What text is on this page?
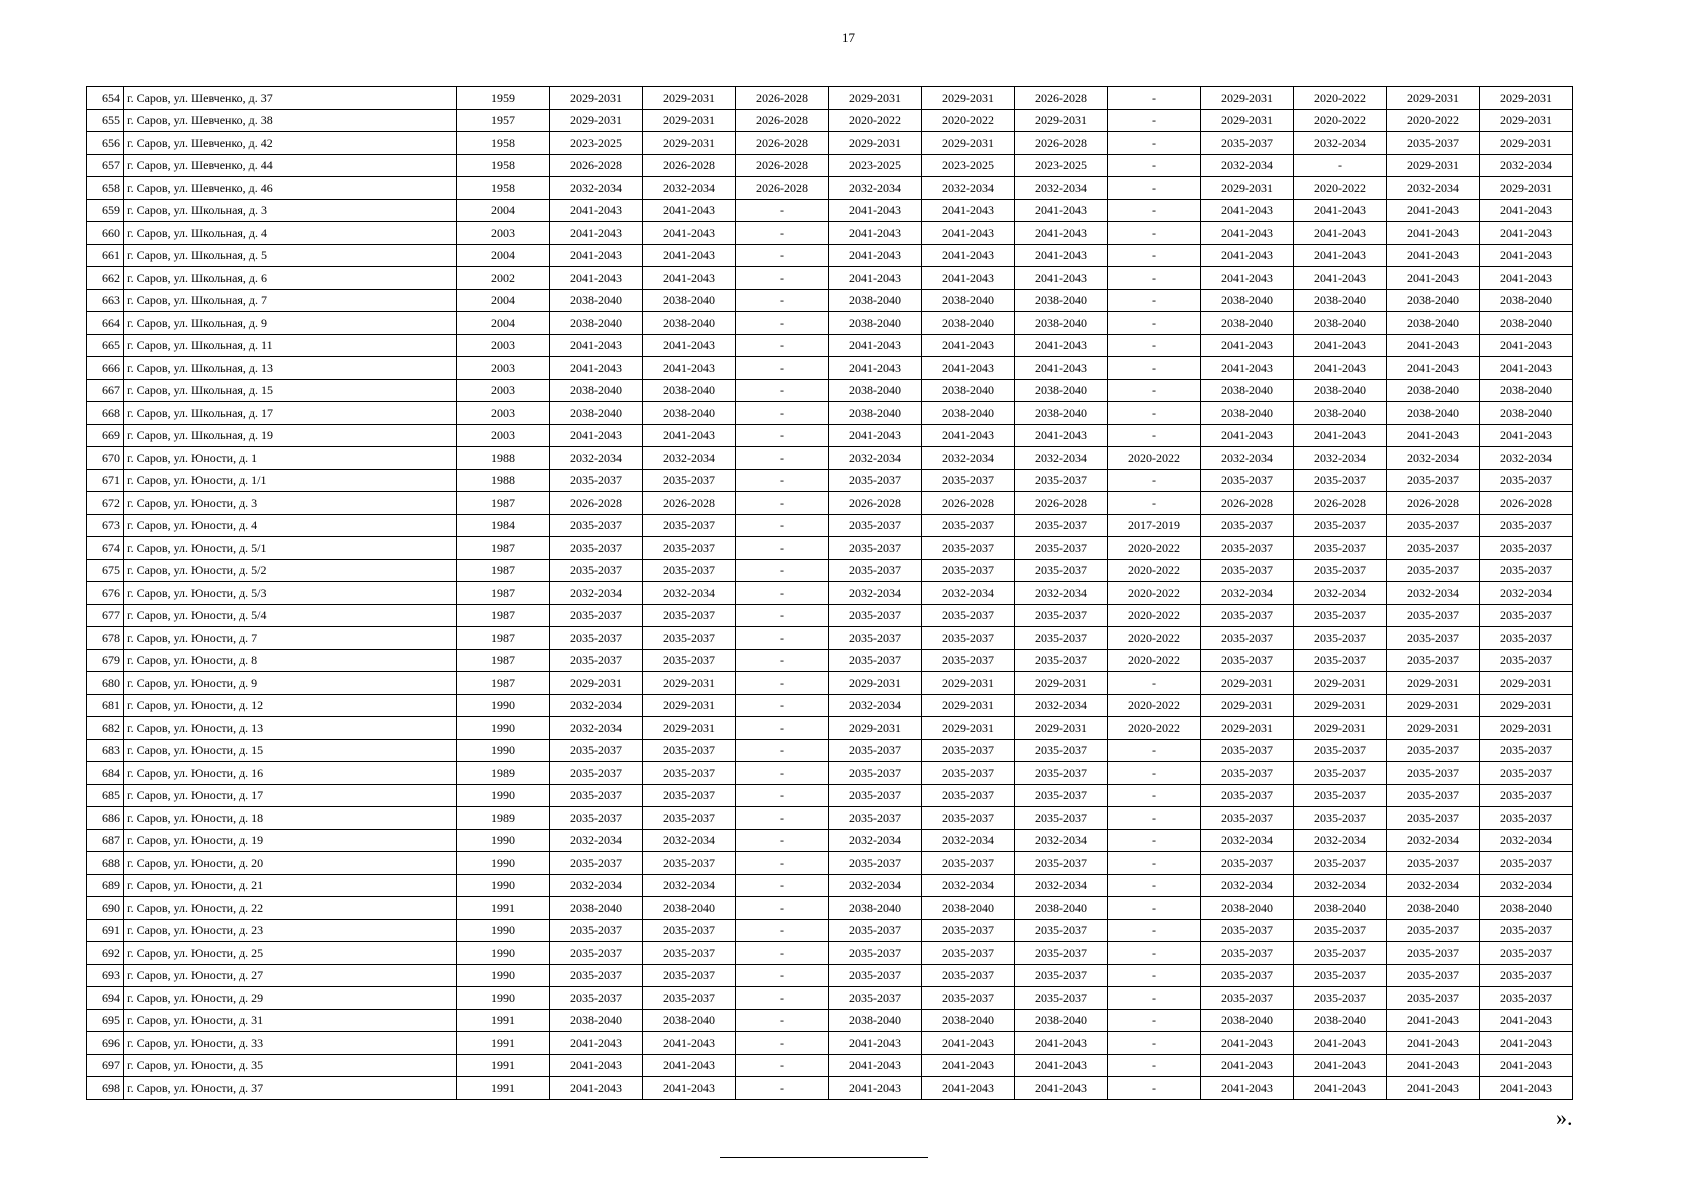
17
654	г. Саров, ул. Шевченко, д. 37	1959	2029-2031	2029-2031	2026-2028	2029-2031	2029-2031	2026-2028	-	2029-2031	2020-2022	2029-2031	2029-2031
655	г. Саров, ул. Шевченко, д. 38	1957	2029-2031	2029-2031	2026-2028	2020-2022	2020-2022	2029-2031	-	2029-2031	2020-2022	2020-2022	2029-2031
656	г. Саров, ул. Шевченко, д. 42	1958	2023-2025	2029-2031	2026-2028	2029-2031	2029-2031	2026-2028	-	2035-2037	2032-2034	2035-2037	2029-2031
657	г. Саров, ул. Шевченко, д. 44	1958	2026-2028	2026-2028	2026-2028	2023-2025	2023-2025	2023-2025	-	2032-2034	-	2029-2031	2032-2034
658	г. Саров, ул. Шевченко, д. 46	1958	2032-2034	2032-2034	2026-2028	2032-2034	2032-2034	2032-2034	-	2029-2031	2020-2022	2032-2034	2029-2031
659	г. Саров, ул. Школьная, д. 3	2004	2041-2043	2041-2043	-	2041-2043	2041-2043	2041-2043	-	2041-2043	2041-2043	2041-2043	2041-2043
660	г. Саров, ул. Школьная, д. 4	2003	2041-2043	2041-2043	-	2041-2043	2041-2043	2041-2043	-	2041-2043	2041-2043	2041-2043	2041-2043
661	г. Саров, ул. Школьная, д. 5	2004	2041-2043	2041-2043	-	2041-2043	2041-2043	2041-2043	-	2041-2043	2041-2043	2041-2043	2041-2043
662	г. Саров, ул. Школьная, д. 6	2002	2041-2043	2041-2043	-	2041-2043	2041-2043	2041-2043	-	2041-2043	2041-2043	2041-2043	2041-2043
663	г. Саров, ул. Школьная, д. 7	2004	2038-2040	2038-2040	-	2038-2040	2038-2040	2038-2040	-	2038-2040	2038-2040	2038-2040	2038-2040
664	г. Саров, ул. Школьная, д. 9	2004	2038-2040	2038-2040	-	2038-2040	2038-2040	2038-2040	-	2038-2040	2038-2040	2038-2040	2038-2040
665	г. Саров, ул. Школьная, д. 11	2003	2041-2043	2041-2043	-	2041-2043	2041-2043	2041-2043	-	2041-2043	2041-2043	2041-2043	2041-2043
666	г. Саров, ул. Школьная, д. 13	2003	2041-2043	2041-2043	-	2041-2043	2041-2043	2041-2043	-	2041-2043	2041-2043	2041-2043	2041-2043
667	г. Саров, ул. Школьная, д. 15	2003	2038-2040	2038-2040	-	2038-2040	2038-2040	2038-2040	-	2038-2040	2038-2040	2038-2040	2038-2040
668	г. Саров, ул. Школьная, д. 17	2003	2038-2040	2038-2040	-	2038-2040	2038-2040	2038-2040	-	2038-2040	2038-2040	2038-2040	2038-2040
669	г. Саров, ул. Школьная, д. 19	2003	2041-2043	2041-2043	-	2041-2043	2041-2043	2041-2043	-	2041-2043	2041-2043	2041-2043	2041-2043
670	г. Саров, ул. Юности, д. 1	1988	2032-2034	2032-2034	-	2032-2034	2032-2034	2032-2034	2020-2022	2032-2034	2032-2034	2032-2034	2032-2034
671	г. Саров, ул. Юности, д. 1/1	1988	2035-2037	2035-2037	-	2035-2037	2035-2037	2035-2037	-	2035-2037	2035-2037	2035-2037	2035-2037
672	г. Саров, ул. Юности, д. 3	1987	2026-2028	2026-2028	-	2026-2028	2026-2028	2026-2028	-	2026-2028	2026-2028	2026-2028	2026-2028
673	г. Саров, ул. Юности, д. 4	1984	2035-2037	2035-2037	-	2035-2037	2035-2037	2035-2037	2017-2019	2035-2037	2035-2037	2035-2037	2035-2037
674	г. Саров, ул. Юности, д. 5/1	1987	2035-2037	2035-2037	-	2035-2037	2035-2037	2035-2037	2020-2022	2035-2037	2035-2037	2035-2037	2035-2037
675	г. Саров, ул. Юности, д. 5/2	1987	2035-2037	2035-2037	-	2035-2037	2035-2037	2035-2037	2020-2022	2035-2037	2035-2037	2035-2037	2035-2037
676	г. Саров, ул. Юности, д. 5/3	1987	2032-2034	2032-2034	-	2032-2034	2032-2034	2032-2034	2020-2022	2032-2034	2032-2034	2032-2034	2032-2034
677	г. Саров, ул. Юности, д. 5/4	1987	2035-2037	2035-2037	-	2035-2037	2035-2037	2035-2037	2020-2022	2035-2037	2035-2037	2035-2037	2035-2037
678	г. Саров, ул. Юности, д. 7	1987	2035-2037	2035-2037	-	2035-2037	2035-2037	2035-2037	2020-2022	2035-2037	2035-2037	2035-2037	2035-2037
679	г. Саров, ул. Юности, д. 8	1987	2035-2037	2035-2037	-	2035-2037	2035-2037	2035-2037	2020-2022	2035-2037	2035-2037	2035-2037	2035-2037
680	г. Саров, ул. Юности, д. 9	1987	2029-2031	2029-2031	-	2029-2031	2029-2031	2029-2031	-	2029-2031	2029-2031	2029-2031	2029-2031
681	г. Саров, ул. Юности, д. 12	1990	2032-2034	2029-2031	-	2032-2034	2029-2031	2032-2034	2020-2022	2029-2031	2029-2031	2029-2031	2029-2031
682	г. Саров, ул. Юности, д. 13	1990	2032-2034	2029-2031	-	2029-2031	2029-2031	2029-2031	2020-2022	2029-2031	2029-2031	2029-2031	2029-2031
683	г. Саров, ул. Юности, д. 15	1990	2035-2037	2035-2037	-	2035-2037	2035-2037	2035-2037	-	2035-2037	2035-2037	2035-2037	2035-2037
684	г. Саров, ул. Юности, д. 16	1989	2035-2037	2035-2037	-	2035-2037	2035-2037	2035-2037	-	2035-2037	2035-2037	2035-2037	2035-2037
685	г. Саров, ул. Юности, д. 17	1990	2035-2037	2035-2037	-	2035-2037	2035-2037	2035-2037	-	2035-2037	2035-2037	2035-2037	2035-2037
686	г. Саров, ул. Юности, д. 18	1989	2035-2037	2035-2037	-	2035-2037	2035-2037	2035-2037	-	2035-2037	2035-2037	2035-2037	2035-2037
687	г. Саров, ул. Юности, д. 19	1990	2032-2034	2032-2034	-	2032-2034	2032-2034	2032-2034	-	2032-2034	2032-2034	2032-2034	2032-2034
688	г. Саров, ул. Юности, д. 20	1990	2035-2037	2035-2037	-	2035-2037	2035-2037	2035-2037	-	2035-2037	2035-2037	2035-2037	2035-2037
689	г. Саров, ул. Юности, д. 21	1990	2032-2034	2032-2034	-	2032-2034	2032-2034	2032-2034	-	2032-2034	2032-2034	2032-2034	2032-2034
690	г. Саров, ул. Юности, д. 22	1991	2038-2040	2038-2040	-	2038-2040	2038-2040	2038-2040	-	2038-2040	2038-2040	2038-2040	2038-2040
691	г. Саров, ул. Юности, д. 23	1990	2035-2037	2035-2037	-	2035-2037	2035-2037	2035-2037	-	2035-2037	2035-2037	2035-2037	2035-2037
692	г. Саров, ул. Юности, д. 25	1990	2035-2037	2035-2037	-	2035-2037	2035-2037	2035-2037	-	2035-2037	2035-2037	2035-2037	2035-2037
693	г. Саров, ул. Юности, д. 27	1990	2035-2037	2035-2037	-	2035-2037	2035-2037	2035-2037	-	2035-2037	2035-2037	2035-2037	2035-2037
694	г. Саров, ул. Юности, д. 29	1990	2035-2037	2035-2037	-	2035-2037	2035-2037	2035-2037	-	2035-2037	2035-2037	2035-2037	2035-2037
695	г. Саров, ул. Юности, д. 31	1991	2038-2040	2038-2040	-	2038-2040	2038-2040	2038-2040	-	2038-2040	2038-2040	2041-2043	2041-2043
696	г. Саров, ул. Юности, д. 33	1991	2041-2043	2041-2043	-	2041-2043	2041-2043	2041-2043	-	2041-2043	2041-2043	2041-2043	2041-2043
697	г. Саров, ул. Юности, д. 35	1991	2041-2043	2041-2043	-	2041-2043	2041-2043	2041-2043	-	2041-2043	2041-2043	2041-2043	2041-2043
698	г. Саров, ул. Юности, д. 37	1991	2041-2043	2041-2043	-	2041-2043	2041-2043	2041-2043	-	2041-2043	2041-2043	2041-2043	2041-2043
».
